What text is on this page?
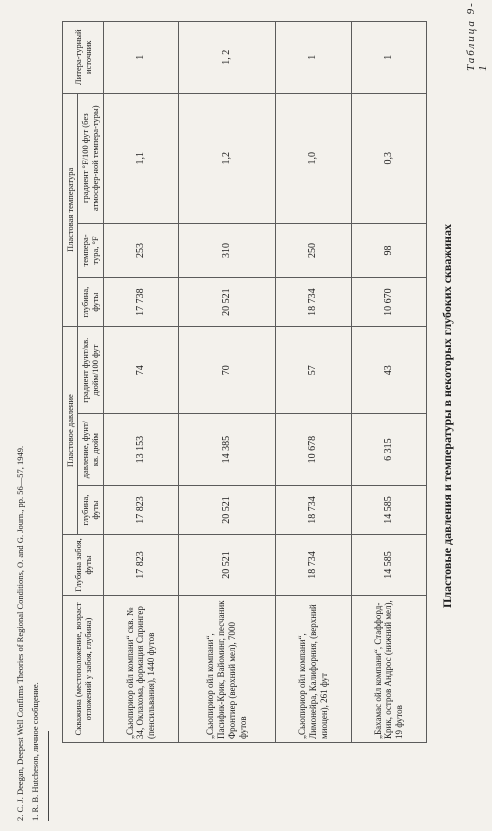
Таблица 9-1
Пластовые давления и температуры в некоторых глубоких скважинах
Скважина (местоположение, возраст отложений у забоя, глубина)	Глубина забоя, футы	Пластовое давление			Пластовая температура			Литера-турный источник
		глубина, футы	давление, фунт/кв. дюйм	градиент фунт/кв. дюйм/100 фут	глубина, футы	темпера-тура, °F	градиент °F/100 фут (без атмосфер-ной темпера-туры)	
„Сьюпириор ойл компани“ скв. № 34, Оклахома, формация Спрингер (пенсильвания), 1440 футов	17 823	17 823	13 153	74	17 738	253	1,1	1
„Сьюпириор ойл компани“, Пасифик-Крик, Вайоминг, песчаник Фронтиер (верхний мел), 7000 футов	20 521	20 521	14 385	70	20 521	310	1,2	1, 2
„Сьюпириор ойл компани“, Лимонейра, Калифорния, (верхний миоцен), 261 фут	18 734	18 734	10 678	57	18 734	250	1,0	1
„Бахамас ойл компани“, Стаффорд-Крик, остров Андрос (нижний мел), 19 футов	14 585	14 585	6 315	43	10 670	98	0,3	1
1. R. B. Hutcheson, личное сообщение.
2. C. J. Deegan, Deepest Well Confirms Theories of Regional Conditions, O. and G. Journ., pp. 56—57, 1949.
